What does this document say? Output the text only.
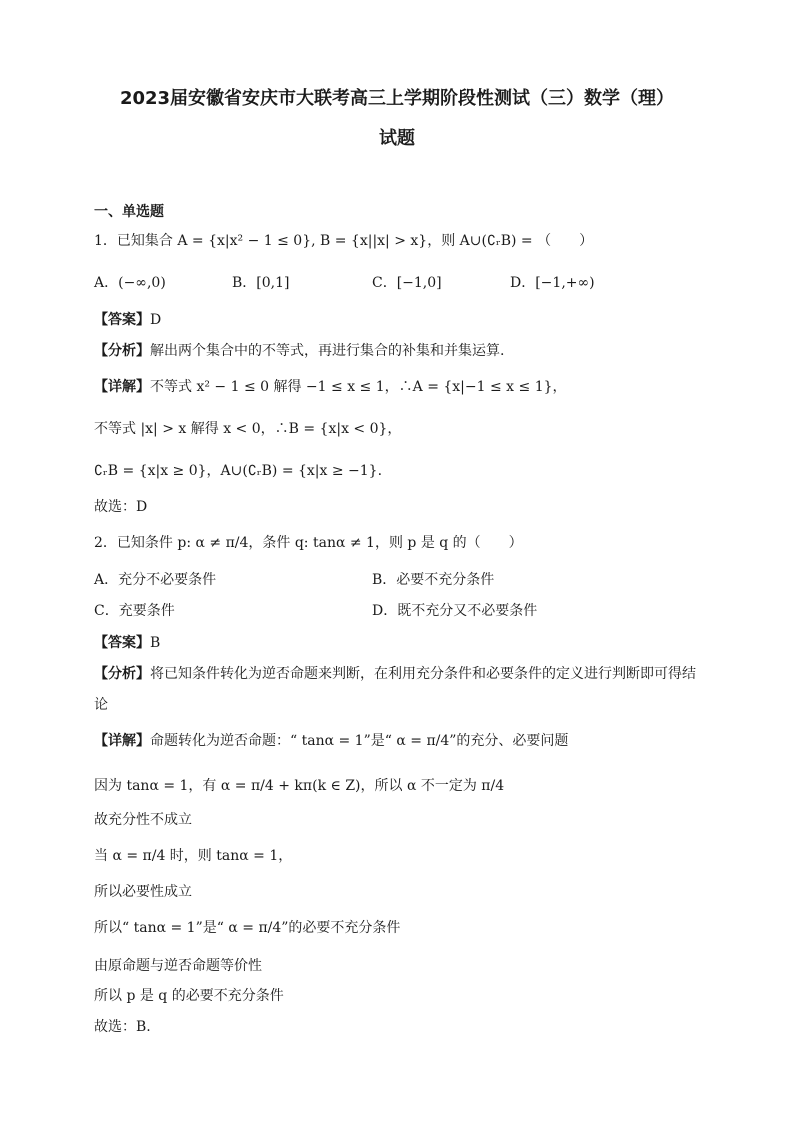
2023届安徽省安庆市大联考高三上学期阶段性测试（三）数学（理）
试题
一、单选题
1．已知集合 A = {x|x² − 1 ≤ 0}, B = {x||x| > x}，则 A∪(∁ᵣB) = （　　）
A．(−∞,0)	B．[0,1]	C．[−1,0]	D．[−1,+∞)
【答案】D
【分析】解出两个集合中的不等式，再进行集合的补集和并集运算.
【详解】不等式 x² − 1 ≤ 0 解得 −1 ≤ x ≤ 1，∴A = {x|−1 ≤ x ≤ 1}，
不等式 |x| > x 解得 x < 0，∴B = {x|x < 0}，
∁ᵣB = {x|x ≥ 0}，A∪(∁ᵣB) = {x|x ≥ −1}.
故选：D
2．已知条件 p: α ≠ π/4，条件 q: tanα ≠ 1，则 p 是 q 的（　　）
A．充分不必要条件	B．必要不充分条件
C．充要条件	D．既不充分又不必要条件
【答案】B
【分析】将已知条件转化为逆否命题来判断，在利用充分条件和必要条件的定义进行判断即可得结
论
【详解】命题转化为逆否命题：“ tanα = 1”是“ α = π/4”的充分、必要问题
因为 tanα = 1，有 α = π/4 + kπ(k ∈ Z)，所以 α 不一定为 π/4
故充分性不成立
当 α = π/4 时，则 tanα = 1，
所以必要性成立
所以“ tanα = 1”是“ α = π/4”的必要不充分条件
由原命题与逆否命题等价性
所以 p 是 q 的必要不充分条件
故选：B.
